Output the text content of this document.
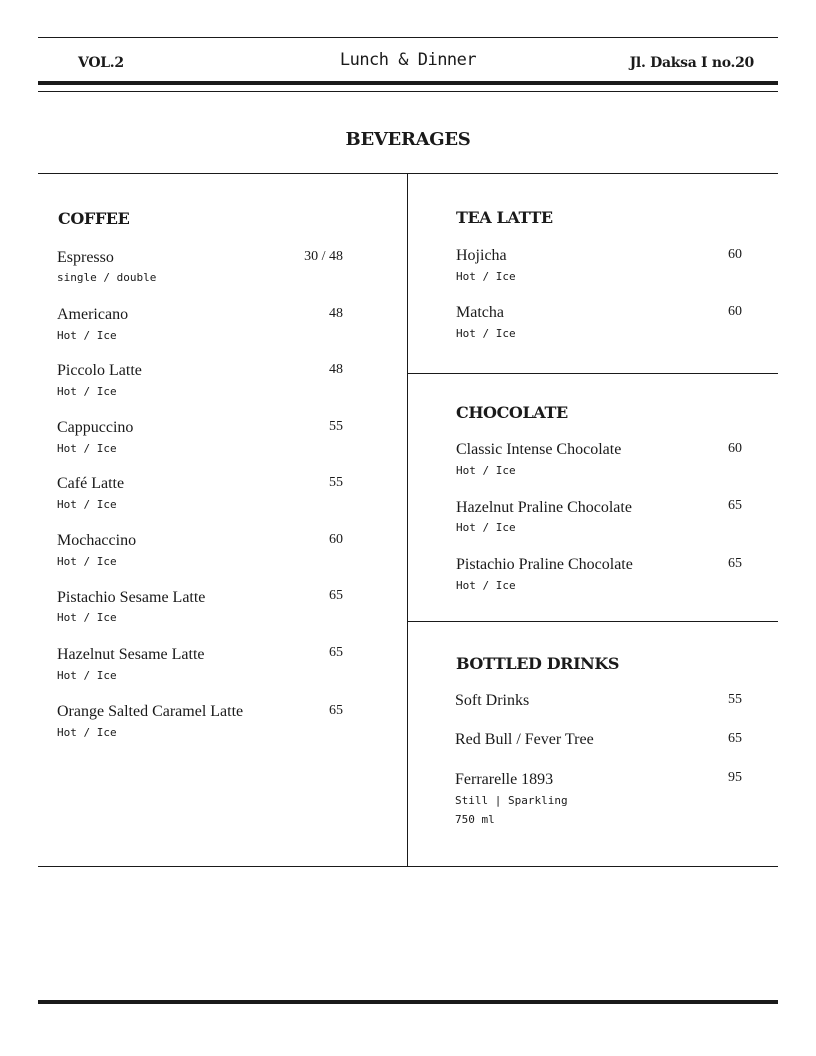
VOL.2	Lunch & Dinner	Jl. Daksa I no.20
BEVERAGES
COFFEE
Espresso	30 / 48
single / double
Americano	48
Hot / Ice
Piccolo Latte	48
Hot / Ice
Cappuccino	55
Hot / Ice
Café Latte	55
Hot / Ice
Mochaccino	60
Hot / Ice
Pistachio Sesame Latte	65
Hot / Ice
Hazelnut Sesame Latte	65
Hot / Ice
Orange Salted Caramel Latte	65
Hot / Ice
TEA LATTE
Hojicha	60
Hot / Ice
Matcha	60
Hot / Ice
CHOCOLATE
Classic Intense Chocolate	60
Hot / Ice
Hazelnut Praline Chocolate	65
Hot / Ice
Pistachio Praline Chocolate	65
Hot / Ice
BOTTLED DRINKS
Soft Drinks	55
Red Bull / Fever Tree	65
Ferrarelle 1893	95
Still | Sparkling
750 ml
